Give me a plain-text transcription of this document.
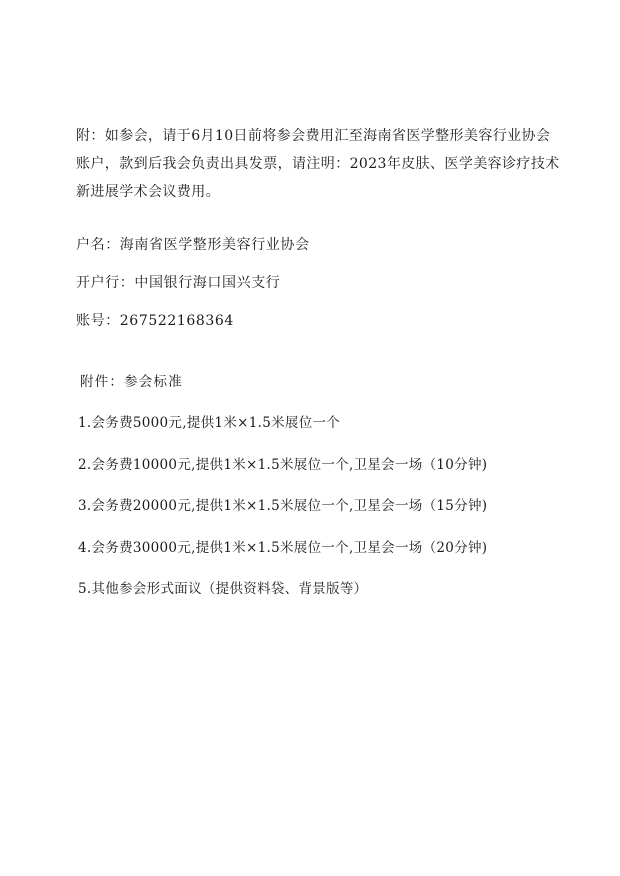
附：如参会，请于6月10日前将参会费用汇至海南省医学整形美容行业协会账户，款到后我会负责出具发票，请注明：2023年皮肤、医学美容诊疗技术新进展学术会议费用。
户名：海南省医学整形美容行业协会
开户行：中国银行海口国兴支行
账号：267522168364
附件：参会标准
1.会务费5000元,提供1米×1.5米展位一个
2.会务费10000元,提供1米×1.5米展位一个,卫星会一场（10分钟)
3.会务费20000元,提供1米×1.5米展位一个,卫星会一场（15分钟)
4.会务费30000元,提供1米×1.5米展位一个,卫星会一场（20分钟)
5.其他参会形式面议（提供资料袋、背景版等）
